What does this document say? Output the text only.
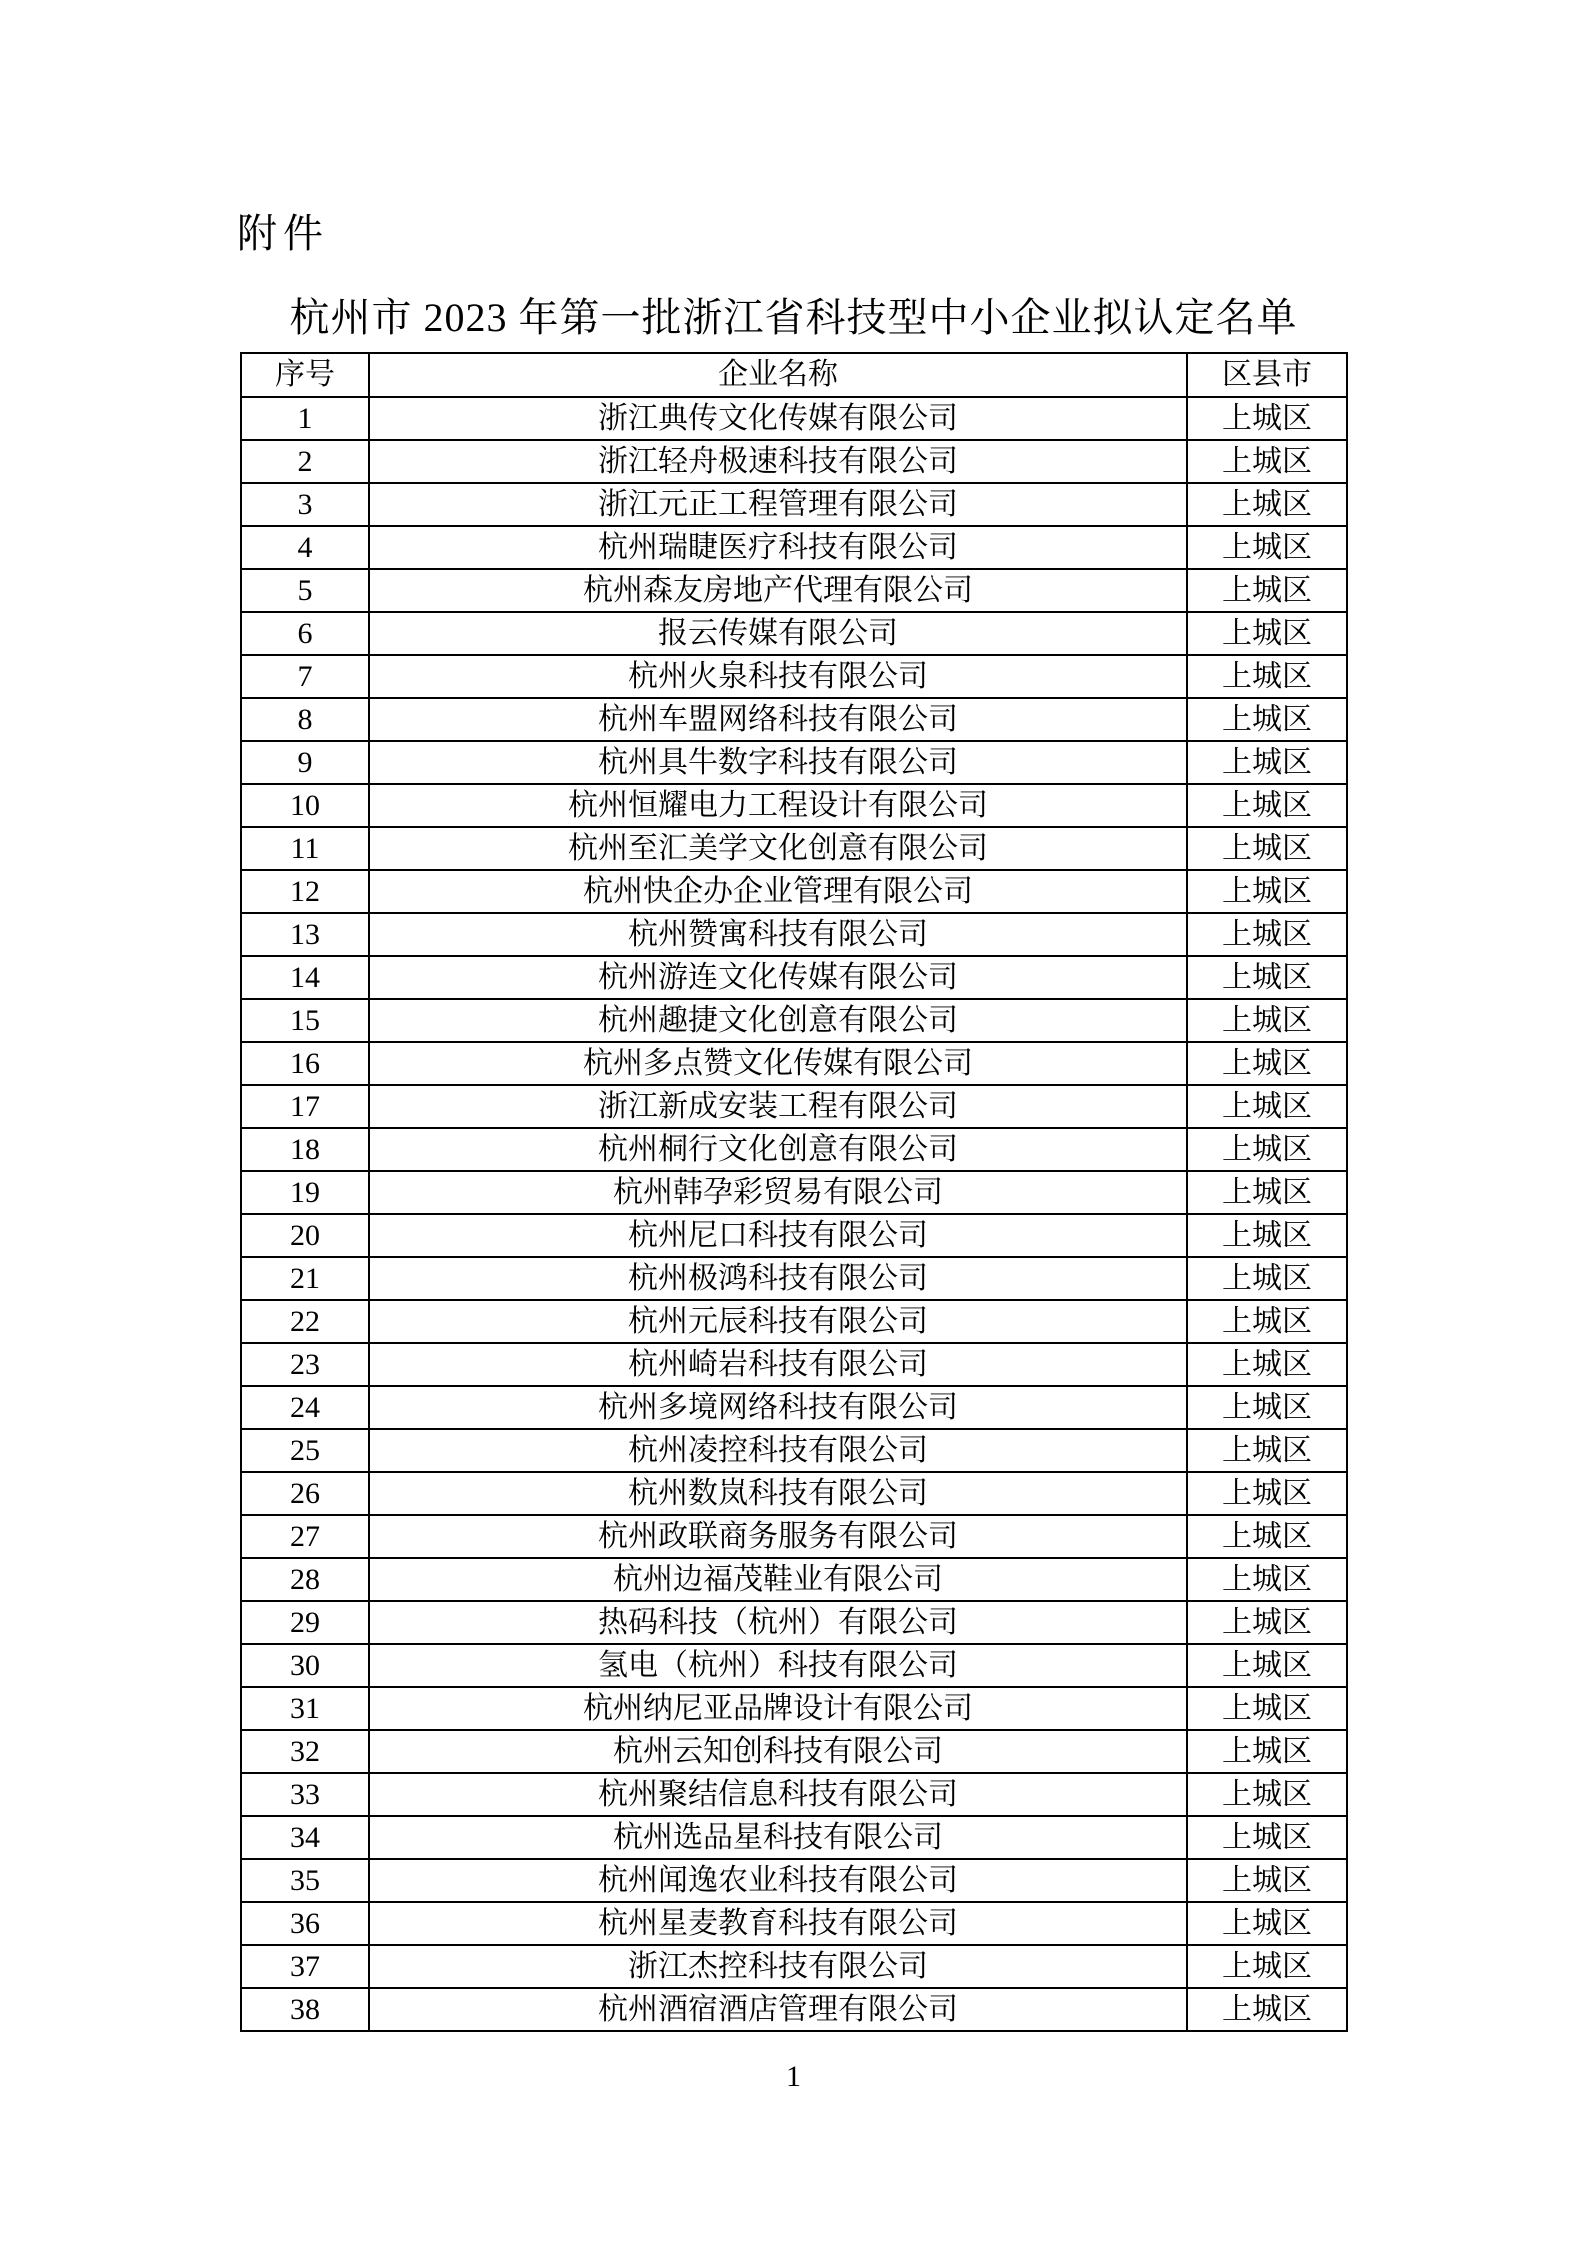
附件
杭州市 2023 年第一批浙江省科技型中小企业拟认定名单
序号	企业名称	区县市
1	浙江典传文化传媒有限公司	上城区
2	浙江轻舟极速科技有限公司	上城区
3	浙江元正工程管理有限公司	上城区
4	杭州瑞睫医疗科技有限公司	上城区
5	杭州森友房地产代理有限公司	上城区
6	报云传媒有限公司	上城区
7	杭州火泉科技有限公司	上城区
8	杭州车盟网络科技有限公司	上城区
9	杭州具牛数字科技有限公司	上城区
10	杭州恒耀电力工程设计有限公司	上城区
11	杭州至汇美学文化创意有限公司	上城区
12	杭州快企办企业管理有限公司	上城区
13	杭州赞寓科技有限公司	上城区
14	杭州游连文化传媒有限公司	上城区
15	杭州趣捷文化创意有限公司	上城区
16	杭州多点赞文化传媒有限公司	上城区
17	浙江新成安装工程有限公司	上城区
18	杭州桐行文化创意有限公司	上城区
19	杭州韩孕彩贸易有限公司	上城区
20	杭州尼口科技有限公司	上城区
21	杭州极鸿科技有限公司	上城区
22	杭州元辰科技有限公司	上城区
23	杭州崎岩科技有限公司	上城区
24	杭州多境网络科技有限公司	上城区
25	杭州凌控科技有限公司	上城区
26	杭州数岚科技有限公司	上城区
27	杭州政联商务服务有限公司	上城区
28	杭州边福茂鞋业有限公司	上城区
29	热码科技（杭州）有限公司	上城区
30	氢电（杭州）科技有限公司	上城区
31	杭州纳尼亚品牌设计有限公司	上城区
32	杭州云知创科技有限公司	上城区
33	杭州聚结信息科技有限公司	上城区
34	杭州选品星科技有限公司	上城区
35	杭州闻逸农业科技有限公司	上城区
36	杭州星麦教育科技有限公司	上城区
37	浙江杰控科技有限公司	上城区
38	杭州酒宿酒店管理有限公司	上城区
1
